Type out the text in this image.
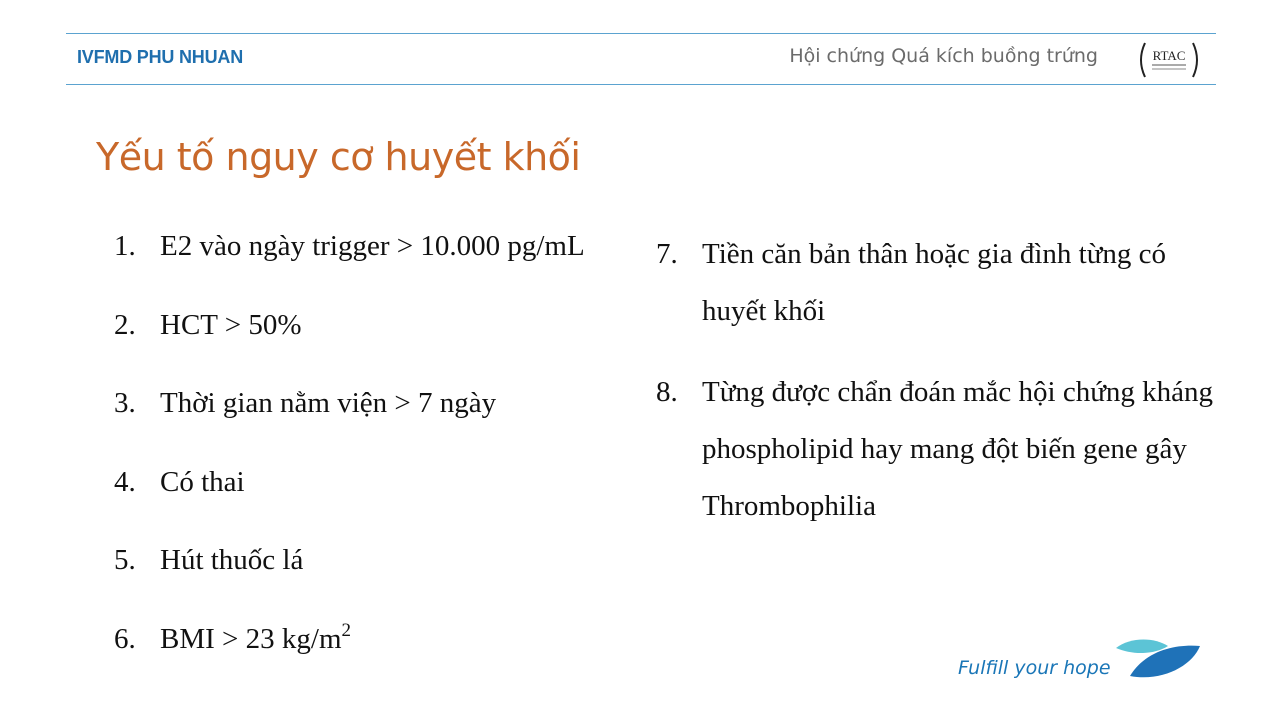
IVFMD PHU NHUAN	Hội chứng Quá kích buồng trứng	RTAC
Yếu tố nguy cơ huyết khối
1. E2 vào ngày trigger > 10.000 pg/mL
2. HCT > 50%
3. Thời gian nằm viện > 7 ngày
4. Có thai
5. Hút thuốc lá
6. BMI > 23 $kg/m^2$
7. Tiền căn bản thân hoặc gia đình từng có huyết khối
8. Từng được chẩn đoán mắc hội chứng kháng phospholipid hay mang đột biến gene gây Thrombophilia
Fulfill your hope
